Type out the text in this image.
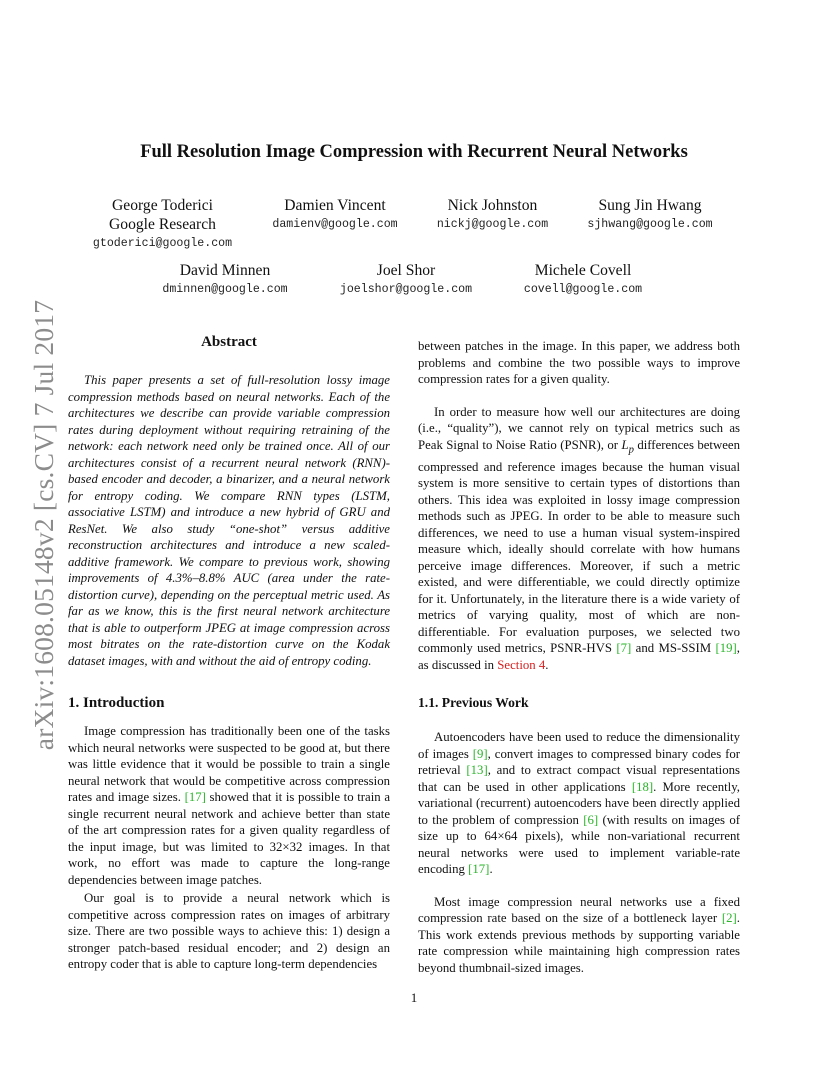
arXiv:1608.05148v2 [cs.CV] 7 Jul 2017
Full Resolution Image Compression with Recurrent Neural Networks
George Toderici
Google Research
gtoderici@google.com
Damien Vincent
damienv@google.com
Nick Johnston
nickj@google.com
Sung Jin Hwang
sjhwang@google.com
David Minnen
dminnen@google.com
Joel Shor
joelshor@google.com
Michele Covell
covell@google.com
Abstract

This paper presents a set of full-resolution lossy image compression methods based on neural networks. Each of the architectures we describe can provide variable compression rates during deployment without requiring retraining of the network: each network need only be trained once. All of our architectures consist of a recurrent neural network (RNN)-based encoder and decoder, a binarizer, and a neural network for entropy coding. We compare RNN types (LSTM, associative LSTM) and introduce a new hybrid of GRU and ResNet. We also study “one-shot” versus additive reconstruction architectures and introduce a new scaled-additive framework. We compare to previous work, showing improvements of 4.3%–8.8% AUC (area under the rate-distortion curve), depending on the perceptual metric used. As far as we know, this is the first neural network architecture that is able to outperform JPEG at image compression across most bitrates on the rate-distortion curve on the Kodak dataset images, with and without the aid of entropy coding.

1. Introduction

Image compression has traditionally been one of the tasks which neural networks were suspected to be good at, but there was little evidence that it would be possible to train a single neural network that would be competitive across compression rates and image sizes. [17] showed that it is possible to train a single recurrent neural network and achieve better than state of the art compression rates for a given quality regardless of the input image, but was limited to 32×32 images. In that work, no effort was made to capture the long-range dependencies between image patches.

Our goal is to provide a neural network which is competitive across compression rates on images of arbitrary size. There are two possible ways to achieve this: 1) design a stronger patch-based residual encoder; and 2) design an entropy coder that is able to capture long-term dependencies

between patches in the image. In this paper, we address both problems and combine the two possible ways to improve compression rates for a given quality.

In order to measure how well our architectures are doing (i.e., “quality”), we cannot rely on typical metrics such as Peak Signal to Noise Ratio (PSNR), or $L_p$ differences between compressed and reference images because the human visual system is more sensitive to certain types of distortions than others. This idea was exploited in lossy image compression methods such as JPEG. In order to be able to measure such differences, we need to use a human visual system-inspired measure which, ideally should correlate with how humans perceive image differences. Moreover, if such a metric existed, and were differentiable, we could directly optimize for it. Unfortunately, in the literature there is a wide variety of metrics of varying quality, most of which are non-differentiable. For evaluation purposes, we selected two commonly used metrics, PSNR-HVS [7] and MS-SSIM [19], as discussed in Section 4.

1.1. Previous Work

Autoencoders have been used to reduce the dimensionality of images [9], convert images to compressed binary codes for retrieval [13], and to extract compact visual representations that can be used in other applications [18]. More recently, variational (recurrent) autoencoders have been directly applied to the problem of compression [6] (with results on images of size up to 64×64 pixels), while non-variational recurrent neural networks were used to implement variable-rate encoding [17].

Most image compression neural networks use a fixed compression rate based on the size of a bottleneck layer [2]. This work extends previous methods by supporting variable rate compression while maintaining high compression rates beyond thumbnail-sized images.

1
